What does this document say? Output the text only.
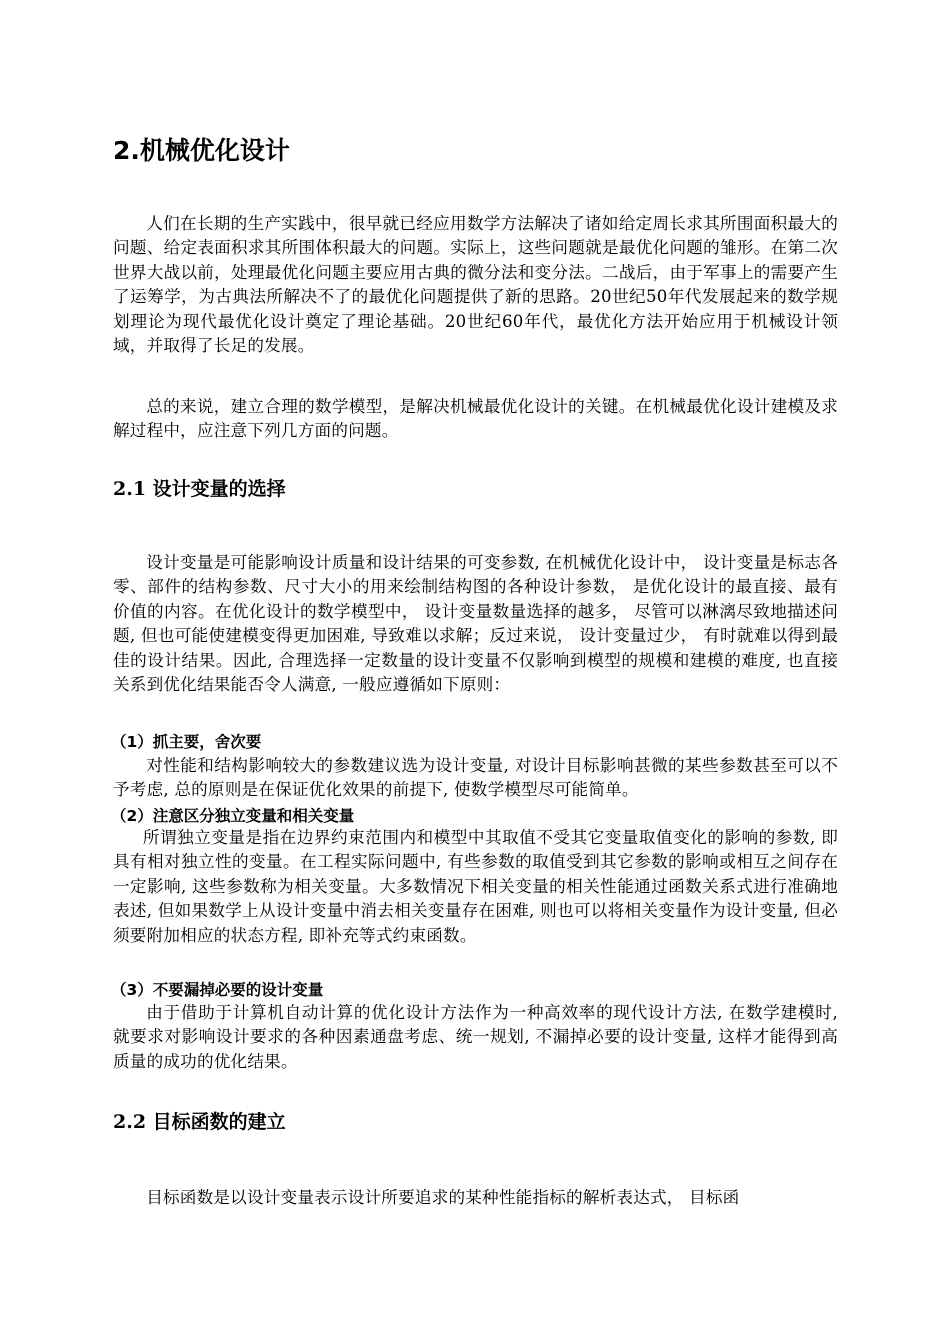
2.机械优化设计

人们在长期的生产实践中，很早就已经应用数学方法解决了诸如给定周长求其所围面积最大的问题、给定表面积求其所围体积最大的问题。实际上，这些问题就是最优化问题的雏形。在第二次世界大战以前，处理最优化问题主要应用古典的微分法和变分法。二战后，由于军事上的需要产生了运筹学，为古典法所解决不了的最优化问题提供了新的思路。20世纪50年代发展起来的数学规划理论为现代最优化设计奠定了理论基础。20世纪60年代，最优化方法开始应用于机械设计领域，并取得了长足的发展。

总的来说，建立合理的数学模型，是解决机械最优化设计的关键。在机械最优化设计建模及求解过程中，应注意下列几方面的问题。

2.1 设计变量的选择

设计变量是可能影响设计质量和设计结果的可变参数, 在机械优化设计中， 设计变量是标志各零、部件的结构参数、尺寸大小的用来绘制结构图的各种设计参数， 是优化设计的最直接、最有价值的内容。在优化设计的数学模型中， 设计变量数量选择的越多， 尽管可以淋漓尽致地描述问题, 但也可能使建模变得更加困难, 导致难以求解；反过来说， 设计变量过少， 有时就难以得到最佳的设计结果。因此, 合理选择一定数量的设计变量不仅影响到模型的规模和建模的难度, 也直接关系到优化结果能否令人满意, 一般应遵循如下原则：

（1）抓主要，舍次要

对性能和结构影响较大的参数建议选为设计变量, 对设计目标影响甚微的某些参数甚至可以不予考虑, 总的原则是在保证优化效果的前提下, 使数学模型尽可能简单。

（2）注意区分独立变量和相关变量

所谓独立变量是指在边界约束范围内和模型中其取值不受其它变量取值变化的影响的参数, 即具有相对独立性的变量。在工程实际问题中, 有些参数的取值受到其它参数的影响或相互之间存在一定影响, 这些参数称为相关变量。大多数情况下相关变量的相关性能通过函数关系式进行准确地表述, 但如果数学上从设计变量中消去相关变量存在困难, 则也可以将相关变量作为设计变量, 但必须要附加相应的状态方程, 即补充等式约束函数。

（3）不要漏掉必要的设计变量

由于借助于计算机自动计算的优化设计方法作为一种高效率的现代设计方法, 在数学建模时, 就要求对影响设计要求的各种因素通盘考虑、统一规划, 不漏掉必要的设计变量, 这样才能得到高质量的成功的优化结果。

2.2 目标函数的建立

目标函数是以设计变量表示设计所要追求的某种性能指标的解析表达式， 目标函
